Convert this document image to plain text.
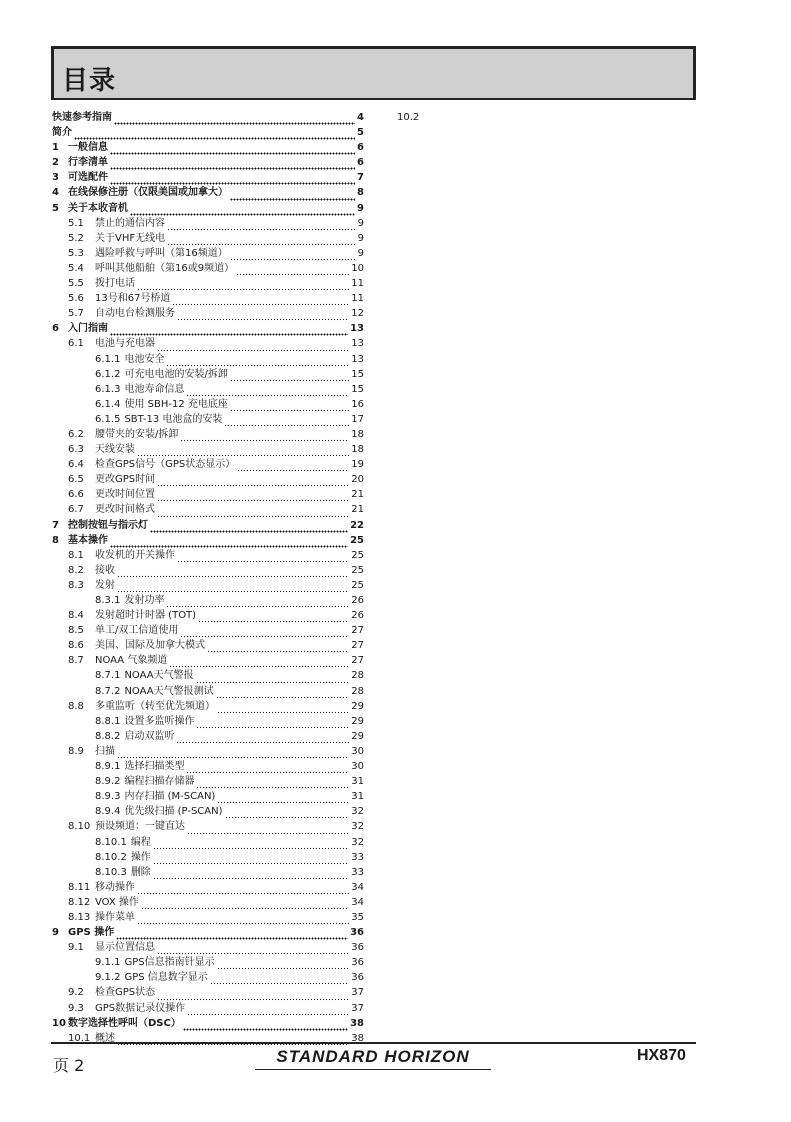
目录
快速参考指南	4
简介	5
1 一般信息	6
2 行李清单	6
3 可选配件	7
4 在线保修注册（仅限美国或加拿大）	8
5 关于本收音机	9
5.1	禁止的通信内容	9
5.2	关于VHF无线电	9
5.3	遇险呼救与呼叫（第16频道）	9
5.4	呼叫其他船舶（第16或9频道）	10
5.5	拨打电话	11
5.6	13号和67号桥道	11
5.7	自动电台检测服务	12
6 入门指南	13
6.1	电池与充电器	13
6.1.1 电池安全	13
6.1.2 可充电电池的安装/拆卸	15
6.1.3 电池寿命信息	15
6.1.4 使用 SBH-12 充电底座	16
6.1.5 SBT-13 电池盒的安装	17
6.2	腰带夹的安装/拆卸	18
6.3	天线安装	18
6.4	检查GPS信号（GPS状态显示）	19
6.5	更改GPS时间	20
6.6	更改时间位置	21
6.7	更改时间格式	21
7 控制按钮与指示灯	22
8 基本操作	25
8.1	收发机的开关操作	25
8.2	接收	25
8.3	发射	25
8.3.1 发射功率	26
8.4	发射超时计时器 (TOT)	26
8.5	单工/双工信道使用	27
8.6	美国、国际及加拿大模式	27
8.7	NOAA 气象频道	27
8.7.1 NOAA天气警报	28
8.7.2 NOAA天气警报测试	28
8.8	多重监听（转至优先频道）	29
8.8.1 设置多监听操作	29
8.8.2 启动双监听	29
8.9	扫描	30
8.9.1 选择扫描类型	30
8.9.2 编程扫描存储器	31
8.9.3 内存扫描 (M-SCAN)	31
8.9.4 优先级扫描 (P-SCAN)	32
8.10 预设频道：一键直达	32
8.10.1 编程	32
8.10.2 操作	33
8.10.3 删除	33
8.11 移动操作	34
8.12 VOX 操作	34
8.13 操作菜单	35
9 GPS 操作	36
9.1	显示位置信息	36
9.1.1 GPS信息指南针显示	36
9.1.2 GPS 信息数字显示	36
9.2	检查GPS状态	37
9.3	GPS数据记录仪操作	37
10 数字选择性呼叫（DSC）	38
10.1 概述	38
10.2
页 2	STANDARD HORIZON	HX870
